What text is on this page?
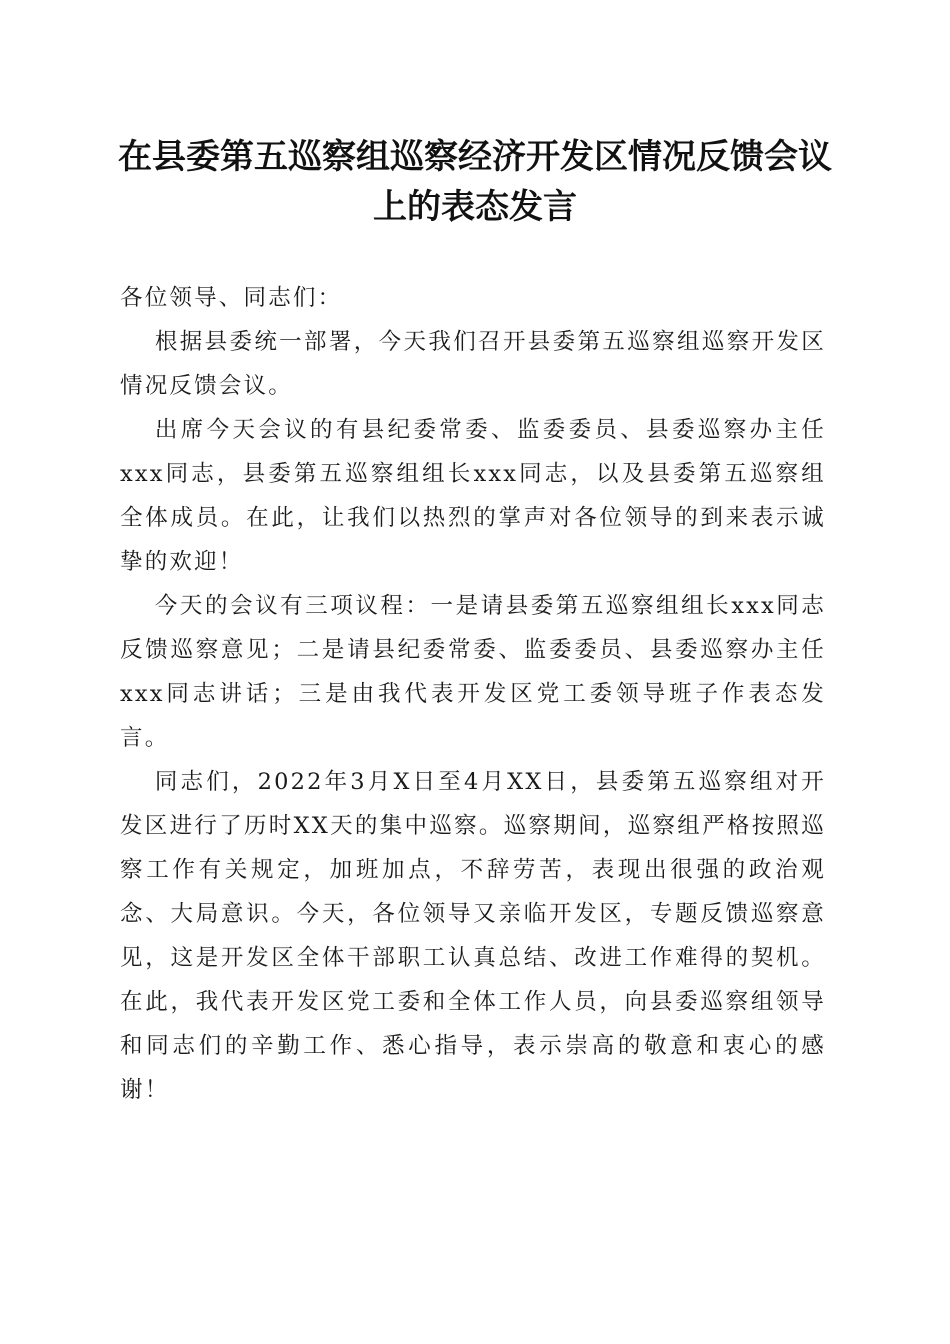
在县委第五巡察组巡察经济开发区情况反馈会议上的表态发言

各位领导、同志们：

根据县委统一部署，今天我们召开县委第五巡察组巡察开发区情况反馈会议。

出席今天会议的有县纪委常委、监委委员、县委巡察办主任xxx同志，县委第五巡察组组长xxx同志，以及县委第五巡察组全体成员。在此，让我们以热烈的掌声对各位领导的到来表示诚挚的欢迎！

今天的会议有三项议程：一是请县委第五巡察组组长xxx同志反馈巡察意见；二是请县纪委常委、监委委员、县委巡察办主任xxx同志讲话；三是由我代表开发区党工委领导班子作表态发言。

同志们，2022年3月X日至4月XX日，县委第五巡察组对开发区进行了历时XX天的集中巡察。巡察期间，巡察组严格按照巡察工作有关规定，加班加点，不辞劳苦，表现出很强的政治观念、大局意识。今天，各位领导又亲临开发区，专题反馈巡察意见，这是开发区全体干部职工认真总结、改进工作难得的契机。在此，我代表开发区党工委和全体工作人员，向县委巡察组领导和同志们的辛勤工作、悉心指导，表示崇高的敬意和衷心的感谢！
